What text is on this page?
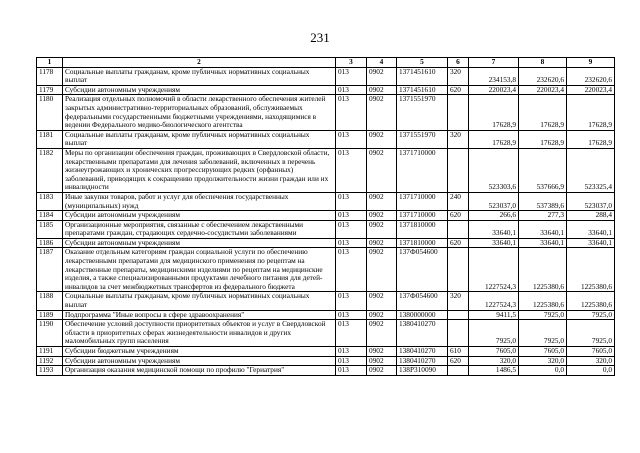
231
1	2	3	4	5	6	7	8	9
1178	Социальные выплаты гражданам, кроме публичных нормативных социальных выплат	013	0902	1371451610	320	234153,8	232620,6	232620,6
1179	Субсидии автономным учреждениям	013	0902	1371451610	620	220023,4	220023,4	220023,4
1180	Реализация отдельных полномочий в области лекарственного обеспечения жителей закрытых административно-территориальных образований, обслуживаемых федеральными государственными бюджетными учреждениями, находящимися в ведении Федерального медико-биологического агентства	013	0902	1371551970		17628,9	17628,9	17628,9
1181	Социальные выплаты гражданам, кроме публичных нормативных социальных выплат	013	0902	1371551970	320	17628,9	17628,9	17628,9
1182	Меры по организации обеспечения граждан, проживающих в Свердловской области, лекарственными препаратами для лечения заболеваний, включенных в перечень жизнеугрожающих и хронических прогрессирующих редких (орфанных) заболеваний, приводящих к сокращению продолжительности жизни граждан или их инвалидности	013	0902	1371710000		523303,6	537666,9	523325,4
1183	Иные закупки товаров, работ и услуг для обеспечения государственных (муниципальных) нужд	013	0902	1371710000	240	523037,0	537389,6	523037,0
1184	Субсидии автономным учреждениям	013	0902	1371710000	620	266,6	277,3	288,4
1185	Организационные мероприятия, связанные с обеспечением лекарственными препаратами граждан, страдающих сердечно-сосудистыми заболеваниями	013	0902	1371810000		33640,1	33640,1	33640,1
1186	Субсидии автономным учреждениям	013	0902	1371810000	620	33640,1	33640,1	33640,1
1187	Оказание отдельным категориям граждан социальной услуги по обеспечению лекарственными препаратами для медицинского применения по рецептам на лекарственные препараты, медицинскими изделиями по рецептам на медицинские изделия, а также специализированными продуктами лечебного питания для детей-инвалидов за счет межбюджетных трансфертов из федерального бюджета	013	0902	137Ф054600		1227524,3	1225380,6	1225380,6
1188	Социальные выплаты гражданам, кроме публичных нормативных социальных выплат	013	0902	137Ф054600	320	1227524,3	1225380,6	1225380,6
1189	Подпрограмма "Иные вопросы в сфере здравоохранения"	013	0902	1380000000		9411,5	7925,0	7925,0
1190	Обеспечение условий доступности приоритетных объектов и услуг в Свердловской области в приоритетных сферах жизнедеятельности инвалидов и других маломобильных групп населения	013	0902	1380410270		7925,0	7925,0	7925,0
1191	Субсидии бюджетным учреждениям	013	0902	1380410270	610	7605,0	7605,0	7605,0
1192	Субсидии автономным учреждениям	013	0902	1380410270	620	320,0	320,0	320,0
1193	Организация оказания медицинской помощи по профилю "Гериатрия"	013	0902	138Р310090		1486,5	0,0	0,0
